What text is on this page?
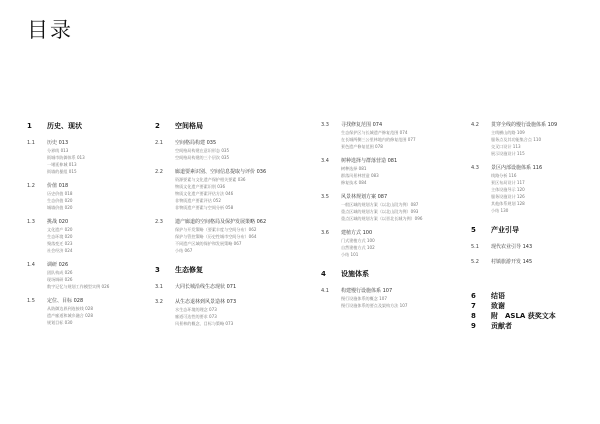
目录
1 历史、现状
1.1 历史 013
分界线 013
街城市防御体系 013
一堵延伸城 013
街墙的暴组 015
1.2 价值 018
历史价值 018
生态价值 020
城墙价值 020
1.3 挑战 020
文化遗产 020
生态环境 020
聚落变迁 023
社会经济 024
1.4 调研 026
团队构成 026
现场调研 026
数字记忆与规划工作模型实例 026
1.5 定位、目标 028
从防御边界到连接线 028
遗产廊道和城乡融合 028
规划目标 030
2 空间格局
2.1 空间格局构建 035
空间格局构建在意识形态 035
空间格局构建的三个层次 035
2.2 廊道要素识别、空间信息提取与评价 036
资源要素与文化遗产保护相关要素 036
物质文化遗产要素识别 036
物质文化遗产要素评估方法 046
非物质遗产要素评估 052
非物质遗产要素与空间分析 058
2.3 遗产廊道的空间格局及保护发展策略 062
保护与开发策略（要素丰度与空间分布）062
保护与管控策略（历史性城市空间分布）064
不同遗产区域的保护和发展策略 067
小结 067
3 生态修复
3.1 大同长城沿线生态现状 071
3.2 从生态退林到风景造林 073
水生态环境的理念 073
廊道可达性的要求 073
风景林的概念、目标与策略 073
3.3 寻找修复范围 074
生态保护区与长城遗产修复范围 074
在长城两侧三公里林地内的修复范围 077
景色遗产修复范围 078
3.4 树种选择与群落营造 081
树种选择 081
群落风景林营造 083
修复技术 084
3.5 风景林规划方案 087
一般区域的规划方案（以北山段为例）087
重点区域的规划方案（以北山段为例）093
重点区域的规划方案（以晋北长城为例）096
3.6 建植方式 100
门式建植方式 100
自然建植方式 102
小结 101
4 设施体系
4.1 构建慢行设施体系 107
慢行设施体系的概念 107
慢行设施体系的要点及架构方法 107
4.2 贯穿全线的慢行设施体系 109
主线横山的路 109
服务点及其功能集合点 110
交叉口设计 113
展示设施设计 115
4.3 景区内部设施体系 116
线路分析 116
景区布局设计 117
主体设施导示 120
服务设施设计 126
其他体系规划 128
小结 130
5 产业引导
5.1 现代农业引导 143
5.2 村镇旅游开发 145
6 结语
7 致谢
8 附　ASLA 获奖文本
9 贡献者
